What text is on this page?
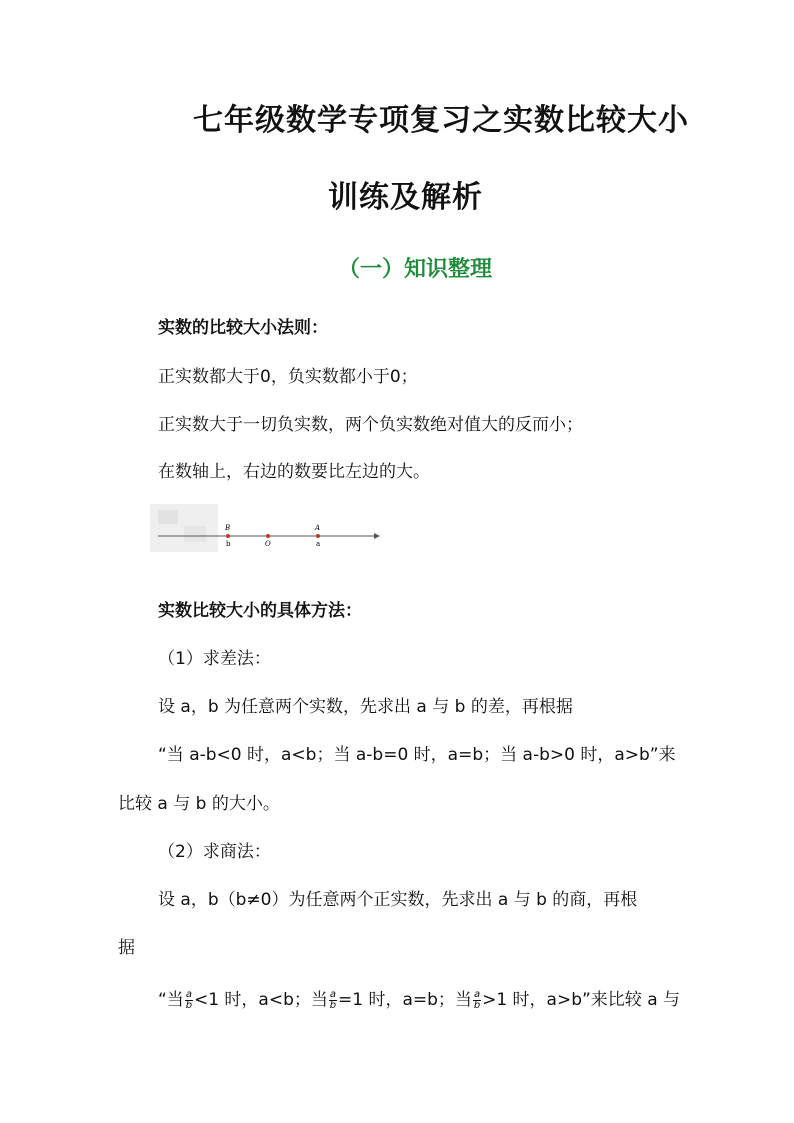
七年级数学专项复习之实数比较大小
训练及解析
（一）知识整理
实数的比较大小法则：
正实数都大于0，负实数都小于0；
正实数大于一切负实数，两个负实数绝对值大的反而小；
在数轴上，右边的数要比左边的大。
B
b	O
A
a
实数比较大小的具体方法：
（1）求差法：
设 a，b 为任意两个实数，先求出 a 与 b 的差，再根据
“当 a-b<0 时，a<b；当 a-b=0 时，a=b；当 a-b>0 时，a>b”来
比较 a 与 b 的大小。
（2）求商法：
设 a，b（b≠0）为任意两个正实数，先求出 a 与 b 的商，再根
据
“当 $\frac{a}{b} <1$ 时，a<b；当 $\frac{a}{b} =1$ 时，a=b；当 $\frac{a}{b} >1$ 时，a>b”来比较 a 与
